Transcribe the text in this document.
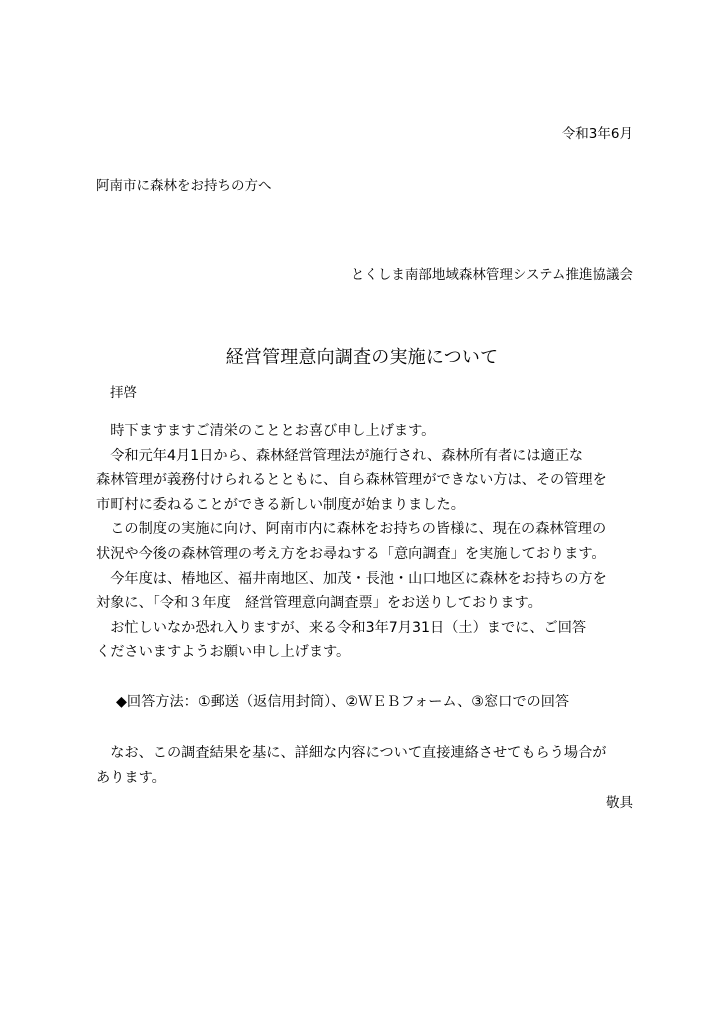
令和3年6月
阿南市に森林をお持ちの方へ
とくしま南部地域森林管理システム推進協議会
経営管理意向調査の実施について
拝啓

　時下ますますご清栄のこととお喜び申し上げます。

　令和元年4月1日から、森林経営管理法が施行され、森林所有者には適正な

森林管理が義務付けられるとともに、自ら森林管理ができない方は、その管理を

市町村に委ねることができる新しい制度が始まりました。

　この制度の実施に向け、阿南市内に森林をお持ちの皆様に、現在の森林管理の

状況や今後の森林管理の考え方をお尋ねする「意向調査」を実施しております。

　今年度は、椿地区、福井南地区、加茂・長池・山口地区に森林をお持ちの方を

対象に、「令和３年度　経営管理意向調査票」をお送りしております。

　お忙しいなか恐れ入りますが、来る令和3年7月31日（土）までに、ご回答

くださいますようお願い申し上げます。

◆回答方法：①郵送（返信用封筒）、②ＷＥＢフォーム、③窓口での回答

　なお、この調査結果を基に、詳細な内容について直接連絡させてもらう場合が

あります。

敬具
